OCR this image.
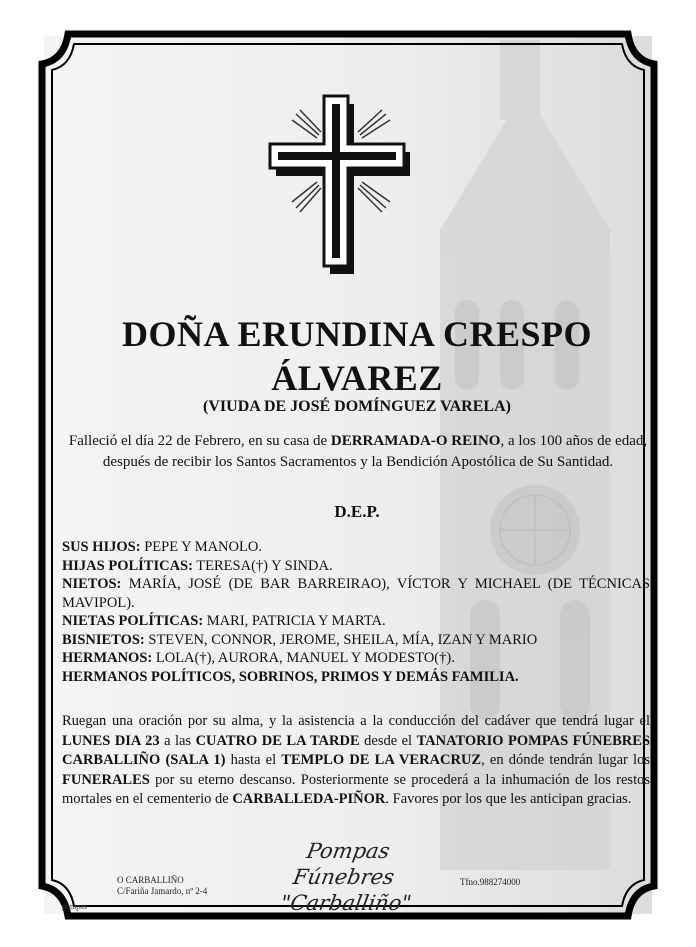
DOÑA ERUNDINA CRESPO
ÁLVAREZ
(VIUDA DE JOSÉ DOMÍNGUEZ VARELA)
Falleció el día 22 de Febrero, en su casa de DERRAMADA-O REINO, a los 100 años de edad, después de recibir los Santos Sacramentos y la Bendición Apostólica de Su Santidad.
D.E.P.

SUS HIJOS: PEPE Y MANOLO.

HIJAS POLÍTICAS: TERESA(†) Y SINDA.

NIETOS: MARÍA, JOSÉ (DE BAR BARREIRAO), VÍCTOR Y MICHAEL (DE TÉCNICAS MAVIPOL).

NIETAS POLÍTICAS: MARI, PATRICIA Y MARTA.

BISNIETOS: STEVEN, CONNOR, JEROME, SHEILA, MÍA, IZAN Y MARIO

HERMANOS: LOLA(†), AURORA, MANUEL Y MODESTO(†).

HERMANOS POLÍTICOS, SOBRINOS, PRIMOS Y DEMÁS FAMILIA.

Ruegan una oración por su alma, y la asistencia a la conducción del cadáver que tendrá lugar el LUNES DIA 23 a las CUATRO DE LA TARDE desde el TANATORIO POMPAS FÚNEBRES CARBALLIÑO (SALA 1) hasta el TEMPLO DE LA VERACRUZ, en dónde tendrán lugar los FUNERALES por su eterno descanso. Posteriormente se procederá a la inhumación de los restos mortales en el cementerio de CARBALLEDA-PIÑOR. Favores por los que les anticipan gracias.
Pompas Fúnebres
"Carballiño"
O CARBALLIÑO
C/Fariña Jamardo, nº 2-4
Tfno.988274000
pompas
